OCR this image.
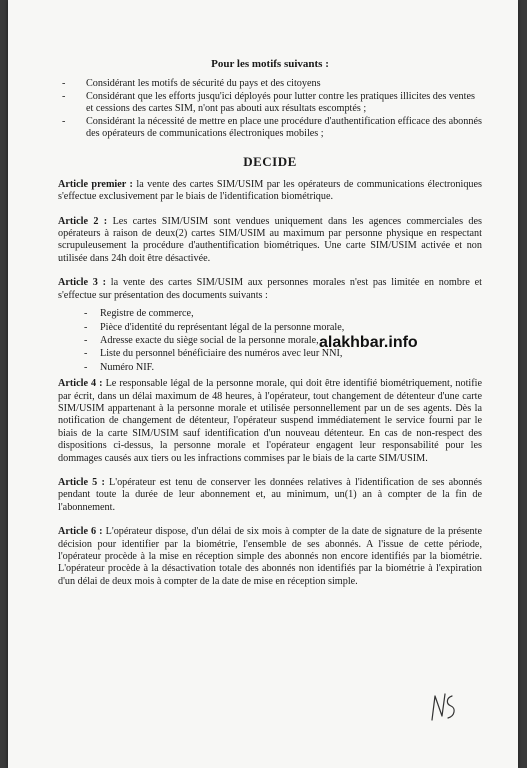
Pour les motifs suivants :
- Considérant les motifs de sécurité du pays et des citoyens
- Considérant que les efforts jusqu'ici déployés pour lutter contre les pratiques illicites des ventes et cessions des cartes SIM, n'ont pas abouti aux résultats escomptés ;
- Considérant la nécessité de mettre en place une procédure d'authentification efficace des abonnés des opérateurs de communications électroniques mobiles ;
DECIDE

Article premier : la vente des cartes SIM/USIM par les opérateurs de communications électroniques s'effectue exclusivement par le biais de l'identification biométrique.

Article 2 : Les cartes SIM/USIM sont vendues uniquement dans les agences commerciales des opérateurs à raison de deux(2) cartes SIM/USIM au maximum par personne physique en respectant scrupuleusement la procédure d'authentification biométriques. Une carte SIM/USIM activée et non utilisée dans 24h doit être désactivée.

Article 3 : la vente des cartes SIM/USIM aux personnes morales n'est pas limitée en nombre et s'effectue sur présentation des documents suivants :
- Registre de commerce,
- Pièce d'identité du représentant légal de la personne morale,
- Adresse exacte du siège social de la personne morale,
- Liste du personnel bénéficiaire des numéros avec leur NNI,
- Numéro NIF.

Article 4 : Le responsable légal de la personne morale, qui doit être identifié biométriquement, notifie par écrit, dans un délai maximum de 48 heures, à l'opérateur, tout changement de détenteur d'une carte SIM/USIM appartenant à la personne morale et utilisée personnellement par un de ses agents. Dès la notification de changement de détenteur, l'opérateur suspend immédiatement le service fourni par le biais de la carte SIM/USIM sauf identification d'un nouveau détenteur. En cas de non-respect des dispositions ci-dessus, la personne morale et l'opérateur engagent leur responsabilité pour les dommages causés aux tiers ou les infractions commises par le biais de la carte SIM/USIM.

Article 5 : L'opérateur est tenu de conserver les données relatives à l'identification de ses abonnés pendant toute la durée de leur abonnement et, au minimum, un(1) an à compter de la fin de l'abonnement.

Article 6 : L'opérateur dispose, d'un délai de six mois à compter de la date de signature de la présente décision pour identifier par la biométrie, l'ensemble de ses abonnés. A l'issue de cette période, l'opérateur procède à la mise en réception simple des abonnés non encore identifiés par la biométrie. L'opérateur procède à la désactivation totale des abonnés non identifiés par la biométrie à l'expiration d'un délai de deux mois à compter de la date de mise en réception simple.

alakhbar.info
